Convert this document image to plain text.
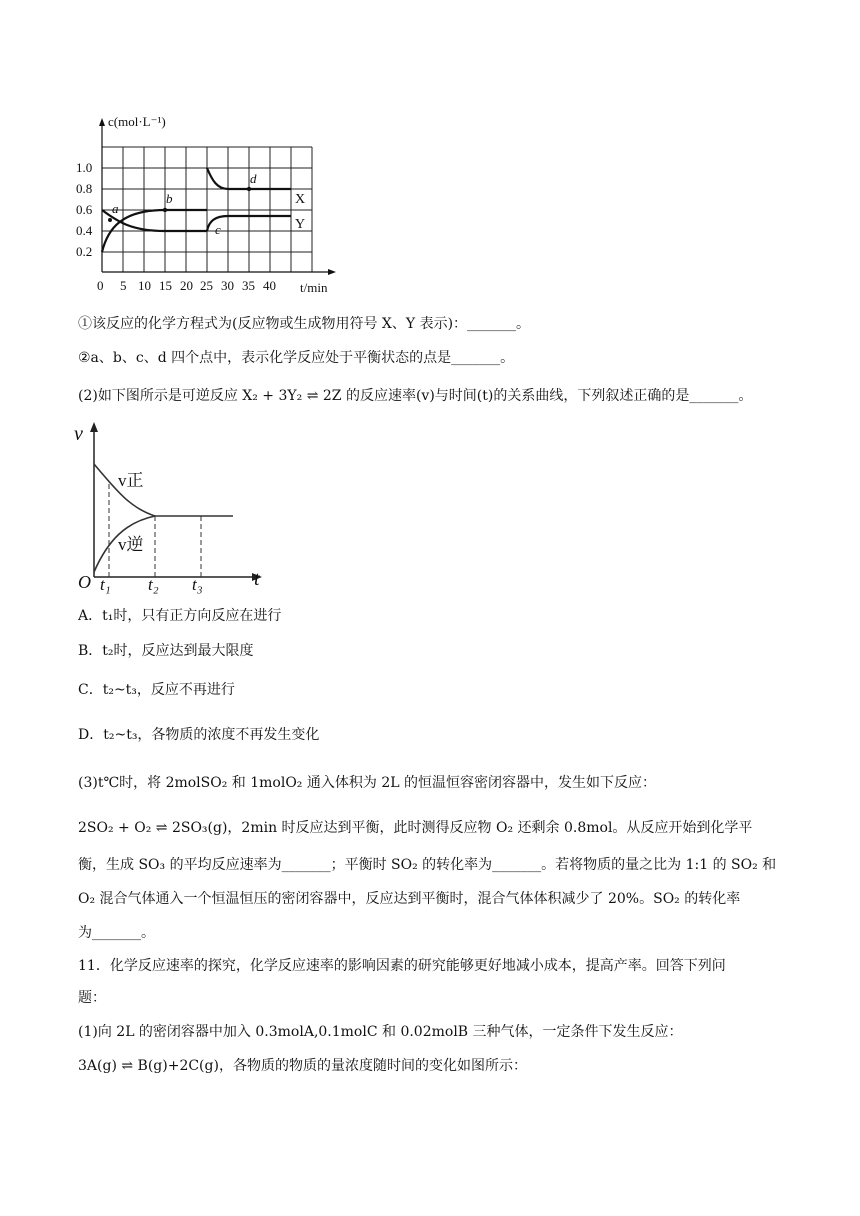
c(mol·L⁻¹)
t/min
1.0
0.8
0.6
0.4
0.2
0 5 10 15 20 25 30 35 40
a
b
c
d
X
Y
①该反应的化学方程式为(反应物或生成物用符号 X、Y 表示)：_______。
②a、b、c、d 四个点中，表示化学反应处于平衡状态的点是_______。
(2)如下图所示是可逆反应 X₂ + 3Y₂ ⇌ 2Z 的反应速率(v)与时间(t)的关系曲线，下列叙述正确的是_______。
v
t
O t₁ t₂ t₃
v正
v逆
A．t₁时，只有正方向反应在进行
B．t₂时，反应达到最大限度
C．t₂~t₃，反应不再进行
D．t₂~t₃，各物质的浓度不再发生变化
(3)t℃时，将 2molSO₂ 和 1molO₂ 通入体积为 2L 的恒温恒容密闭容器中，发生如下反应：
2SO₂ + O₂ ⇌ 2SO₃(g)，2min 时反应达到平衡，此时测得反应物 O₂ 还剩余 0.8mol。从反应开始到化学平
衡，生成 SO₃ 的平均反应速率为_______；平衡时 SO₂ 的转化率为_______。若将物质的量之比为 1:1 的 SO₂ 和
O₂ 混合气体通入一个恒温恒压的密闭容器中，反应达到平衡时，混合气体体积减少了 20%。SO₂ 的转化率
为_______。
11．化学反应速率的探究，化学反应速率的影响因素的研究能够更好地减小成本，提高产率。回答下列问
题：
(1)向 2L 的密闭容器中加入 0.3molA,0.1molC 和 0.02molB 三种气体，一定条件下发生反应：
3A(g) ⇌ B(g)+2C(g)，各物质的物质的量浓度随时间的变化如图所示：
